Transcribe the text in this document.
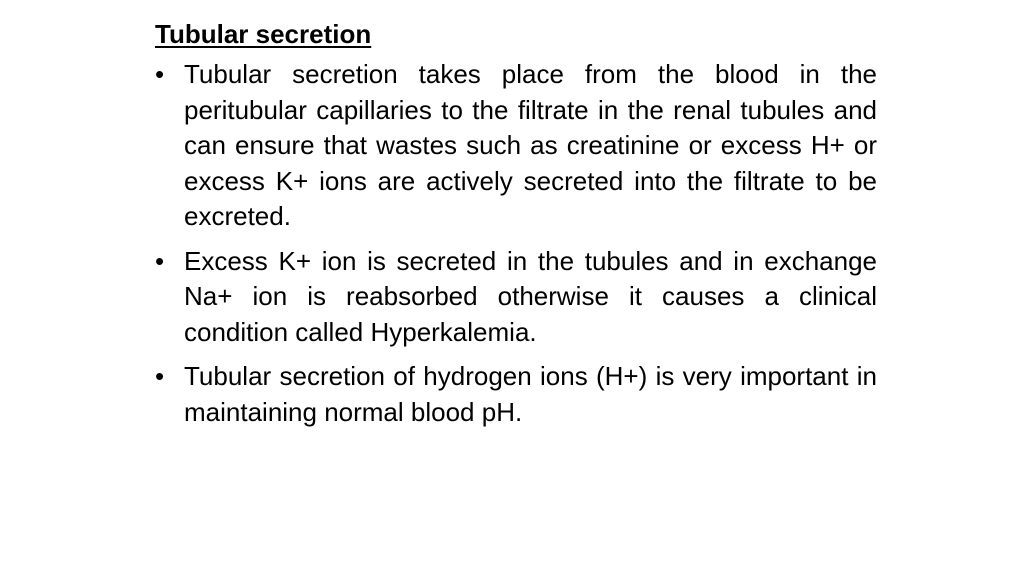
Tubular secretion
• Tubular secretion takes place from the blood in the peritubular capillaries to the filtrate in the renal tubules and can ensure that wastes such as creatinine or excess H+ or excess K+ ions are actively secreted into the filtrate to be excreted.
• Excess K+ ion is secreted in the tubules and in exchange Na+ ion is reabsorbed otherwise it causes a clinical condition called Hyperkalemia.
• Tubular secretion of hydrogen ions (H+) is very important in maintaining normal blood pH.
